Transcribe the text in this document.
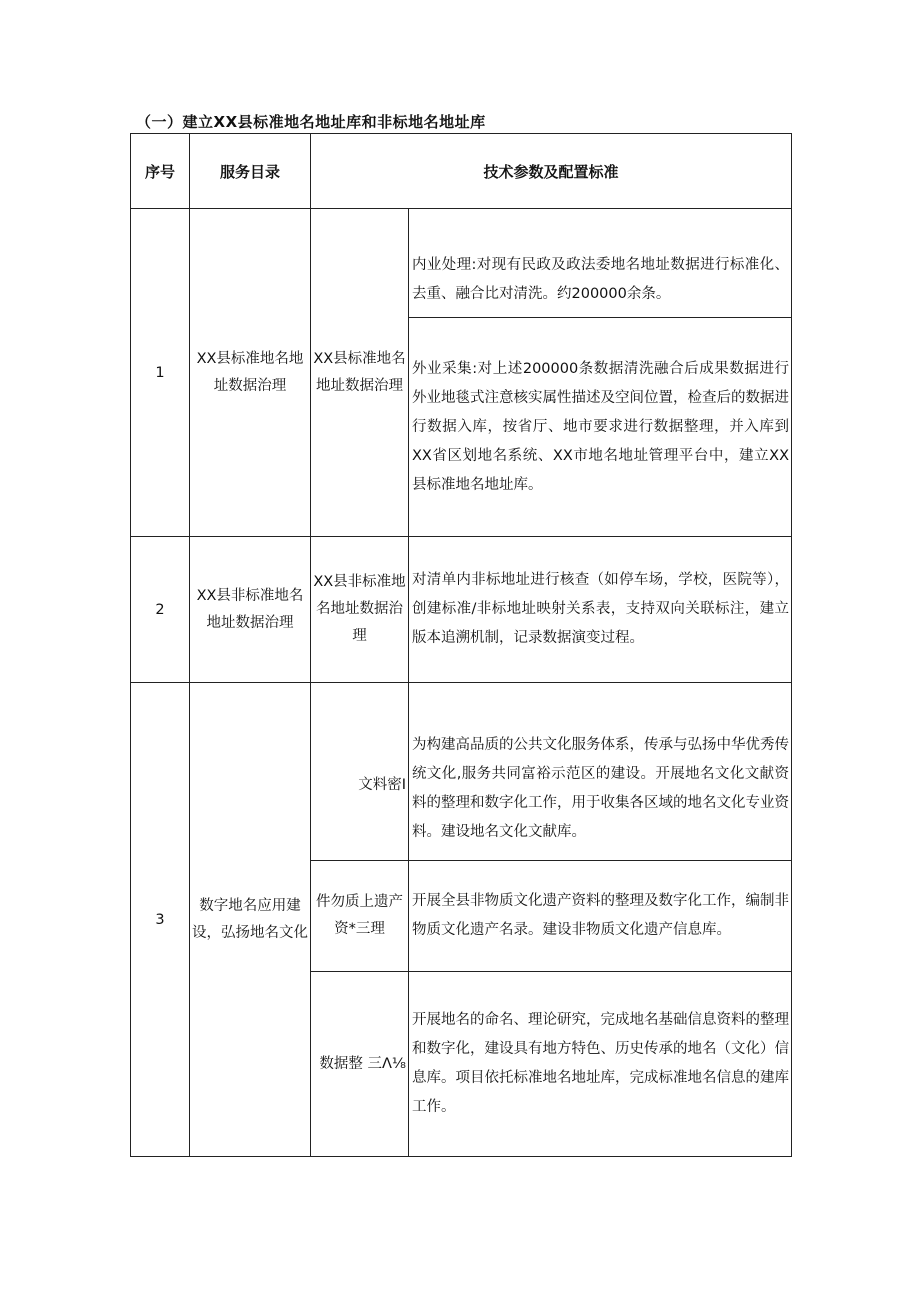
（一）建立XX县标准地名地址库和非标地名地址库
序号	服务目录	技术参数及配置标准	
1	XX县标准地名地址数据治理	XX县标准地名地址数据治理	内业处理:对现有民政及政法委地名地址数据进行标准化、去重、融合比对清洗。约200000余条。
			外业采集:对上述200000条数据清洗融合后成果数据进行外业地毯式注意核实属性描述及空间位置，检查后的数据进行数据入库，按省厅、地市要求进行数据整理，并入库到XX省区划地名系统、XX市地名地址管理平台中，建立XX县标准地名地址库。
2	XX县非标准地名地址数据治理	XX县非标准地名地址数据治理	对清单内非标地址进行核查（如停车场，学校，医院等），创建标准/非标地址映射关系表，支持双向关联标注，建立版本追溯机制，记录数据演变过程。
3	数字地名应用建设，弘扬地名文化	文料密I	为构建高品质的公共文化服务体系，传承与弘扬中华优秀传统文化,服务共同富裕示范区的建设。开展地名文化文献资料的整理和数字化工作，用于收集各区域的地名文化专业资料。建设地名文化文献库。
		件勿质上遗产资*三理	开展全县非物质文化遗产资料的整理及数字化工作，编制非物质文化遗产名录。建设非物质文化遗产信息库。
		数据整 三Λ⅛	开展地名的命名、理论研究，完成地名基础信息资料的整理和数字化，建设具有地方特色、历史传承的地名（文化）信息库。项目依托标准地名地址库，完成标准地名信息的建库工作。
